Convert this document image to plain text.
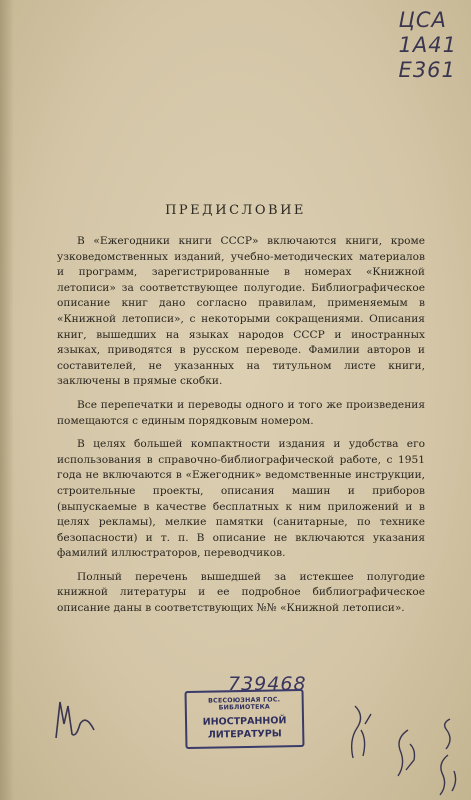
ЦСА
1А41
Е361
ПРЕДИСЛОВИЕ

В «Ежегодники книги СССР» включаются книги, кроме узковедомственных изданий, учебно-методических материалов и программ, зарегистрированные в номерах «Книжной летописи» за соответствующее полугодие. Библиографическое описание книг дано согласно правилам, применяемым в «Книжной летописи», с некоторыми сокращениями. Описания книг, вышедших на языках народов СССР и иностранных языках, приводятся в русском переводе. Фамилии авторов и составителей, не указанных на титульном листе книги, заключены в прямые скобки.

Все перепечатки и переводы одного и того же произведения помещаются с единым порядковым номером.

В целях большей компактности издания и удобства его использования в справочно-библиографической работе, с 1951 года не включаются в «Ежегодник» ведомственные инструкции, строительные проекты, описания машин и приборов (выпускаемые в качестве бесплатных к ним приложений и в целях рекламы), мелкие памятки (санитарные, по технике безопасности) и т. п. В описание не включаются указания фамилий иллюстраторов, переводчиков.

Полный перечень вышедшей за истекшее полугодие книжной литературы и ее подробное библиографическое описание даны в соответствующих №№ «Книжной летописи».

739468
ВСЕСОЮЗНАЯ ГОС. БИБЛИОТЕКА
ИНОСТРАННОЙ
ЛИТЕРАТУРЫ
